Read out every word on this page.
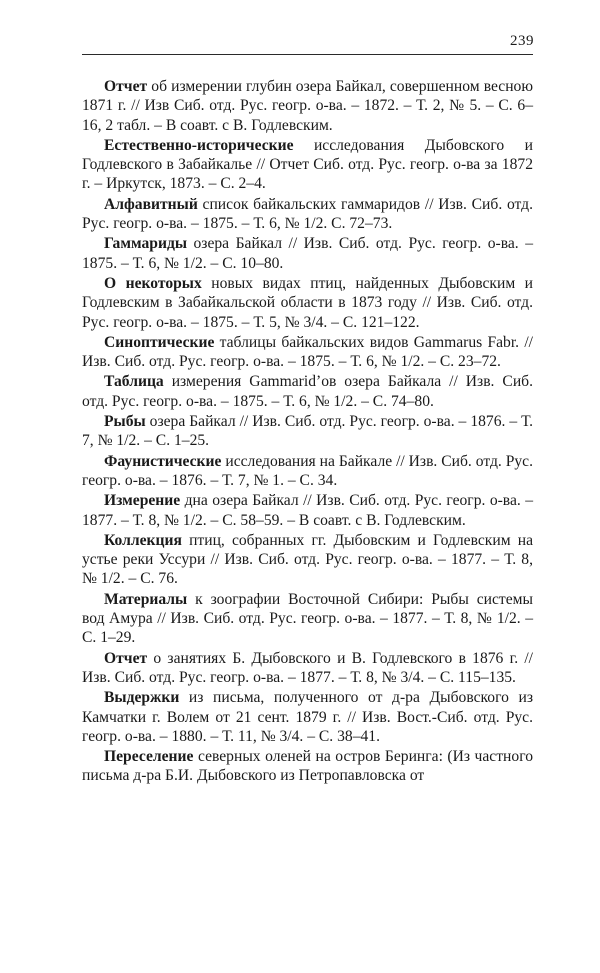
239

Отчет об измерении глубин озера Байкал, совершенном весною 1871 г. // Изв Сиб. отд. Рус. геогр. о-ва. – 1872. – Т. 2, № 5. – С. 6–16, 2 табл. – В соавт. с В. Годлевским.

Естественно-исторические исследования Дыбовского и Годлевского в Забайкалье // Отчет Сиб. отд. Рус. геогр. о-ва за 1872 г. – Иркутск, 1873. – С. 2–4.

Алфавитный список байкальских гаммаридов // Изв. Сиб. отд. Рус. геогр. о-ва. – 1875. – Т. 6, № 1/2. С. 72–73.

Гаммариды озера Байкал // Изв. Сиб. отд. Рус. геогр. о-ва. – 1875. – Т. 6, № 1/2. – С. 10–80.

О некоторых новых видах птиц, найденных Дыбовским и Годлевским в Забайкальской области в 1873 году // Изв. Сиб. отд. Рус. геогр. о-ва. – 1875. – Т. 5, № 3/4. – С. 121–122.

Синоптические таблицы байкальских видов Gammarus Fabr. // Изв. Сиб. отд. Рус. геогр. о-ва. – 1875. – Т. 6, № 1/2. – С. 23–72.

Таблица измерения Gammarid’ов озера Байкала // Изв. Сиб. отд. Рус. геогр. о-ва. – 1875. – Т. 6, № 1/2. – С. 74–80.

Рыбы озера Байкал // Изв. Сиб. отд. Рус. геогр. о-ва. – 1876. – Т. 7, № 1/2. – С. 1–25.

Фаунистические исследования на Байкале // Изв. Сиб. отд. Рус. геогр. о-ва. – 1876. – Т. 7, № 1. – С. 34.

Измерение дна озера Байкал // Изв. Сиб. отд. Рус. геогр. о-ва. – 1877. – Т. 8, № 1/2. – С. 58–59. – В соавт. с В. Годлевским.

Коллекция птиц, собранных гг. Дыбовским и Годлевским на устье реки Уссури // Изв. Сиб. отд. Рус. геогр. о-ва. – 1877. – Т. 8, № 1/2. – С. 76.

Материалы к зоографии Восточной Сибири: Рыбы системы вод Амура // Изв. Сиб. отд. Рус. геогр. о-ва. – 1877. – Т. 8, № 1/2. – С. 1–29.

Отчет о занятиях Б. Дыбовского и В. Годлевского в 1876 г. // Изв. Сиб. отд. Рус. геогр. о-ва. – 1877. – Т. 8, № 3/4. – С. 115–135.

Выдержки из письма, полученного от д-ра Дыбовского из Камчатки г. Волем от 21 сент. 1879 г. // Изв. Вост.-Сиб. отд. Рус. геогр. о-ва. – 1880. – Т. 11, № 3/4. – С. 38–41.

Переселение северных оленей на остров Беринга: (Из частного письма д-ра Б.И. Дыбовского из Петропавловска от
